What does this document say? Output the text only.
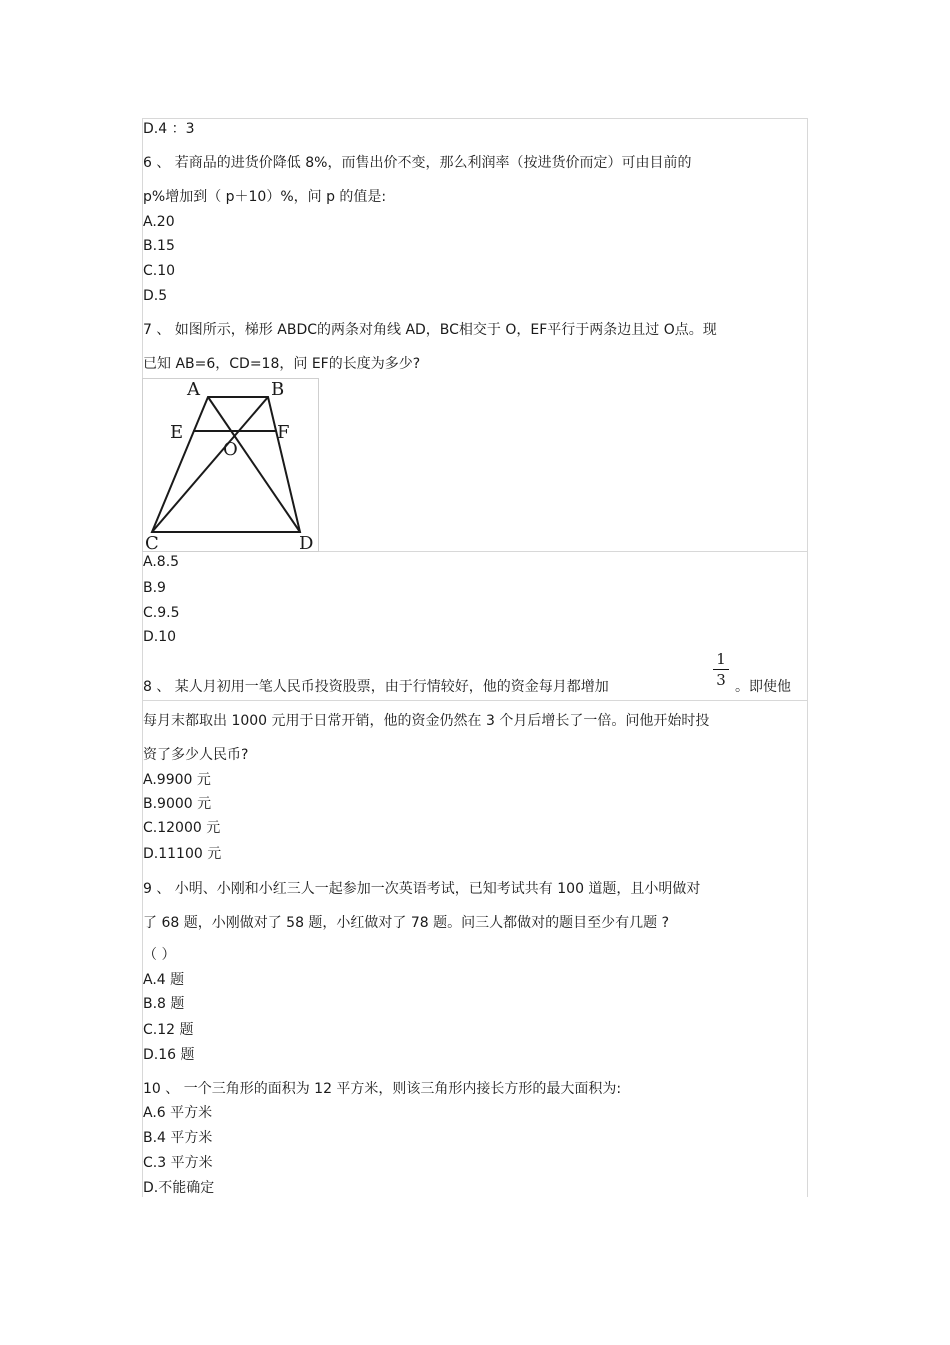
D.4 ：3
6 、 若商品的进货价降低 8%，而售出价不变，那么利润率（按进货价而定）可由目前的
p%增加到（ p＋10）%，问 p 的值是:
A.20
B.15
C.10
D.5
7 、 如图所示，梯形 ABDC的两条对角线 AD，BC相交于 O，EF平行于两条边且过 O点。现
已知 AB=6，CD=18，问 EF的长度为多少?
A.8.5
B.9
C.9.5
D.10
8 、 某人月初用一笔人民币投资股票，由于行情较好，他的资金每月都增加
每月末都取出 1000 元用于日常开销，他的资金仍然在 3 个月后增长了一倍。问他开始时投
资了多少人民币?
A.9900 元
B.9000 元
C.12000 元
D.11100 元
9 、 小明、小刚和小红三人一起参加一次英语考试，已知考试共有 100 道题，且小明做对
了 68 题，小刚做对了 58 题，小红做对了 78 题。问三人都做对的题目至少有几题 ?
（ ）
A.4 题
B.8 题
C.12 题
D.16 题
10 、 一个三角形的面积为 12 平方米，则该三角形内接长方形的最大面积为:
A.6 平方米
B.4 平方米
C.3 平方米
D.不能确定
。即使他
1
3
A	B
E	F
O
C	D
